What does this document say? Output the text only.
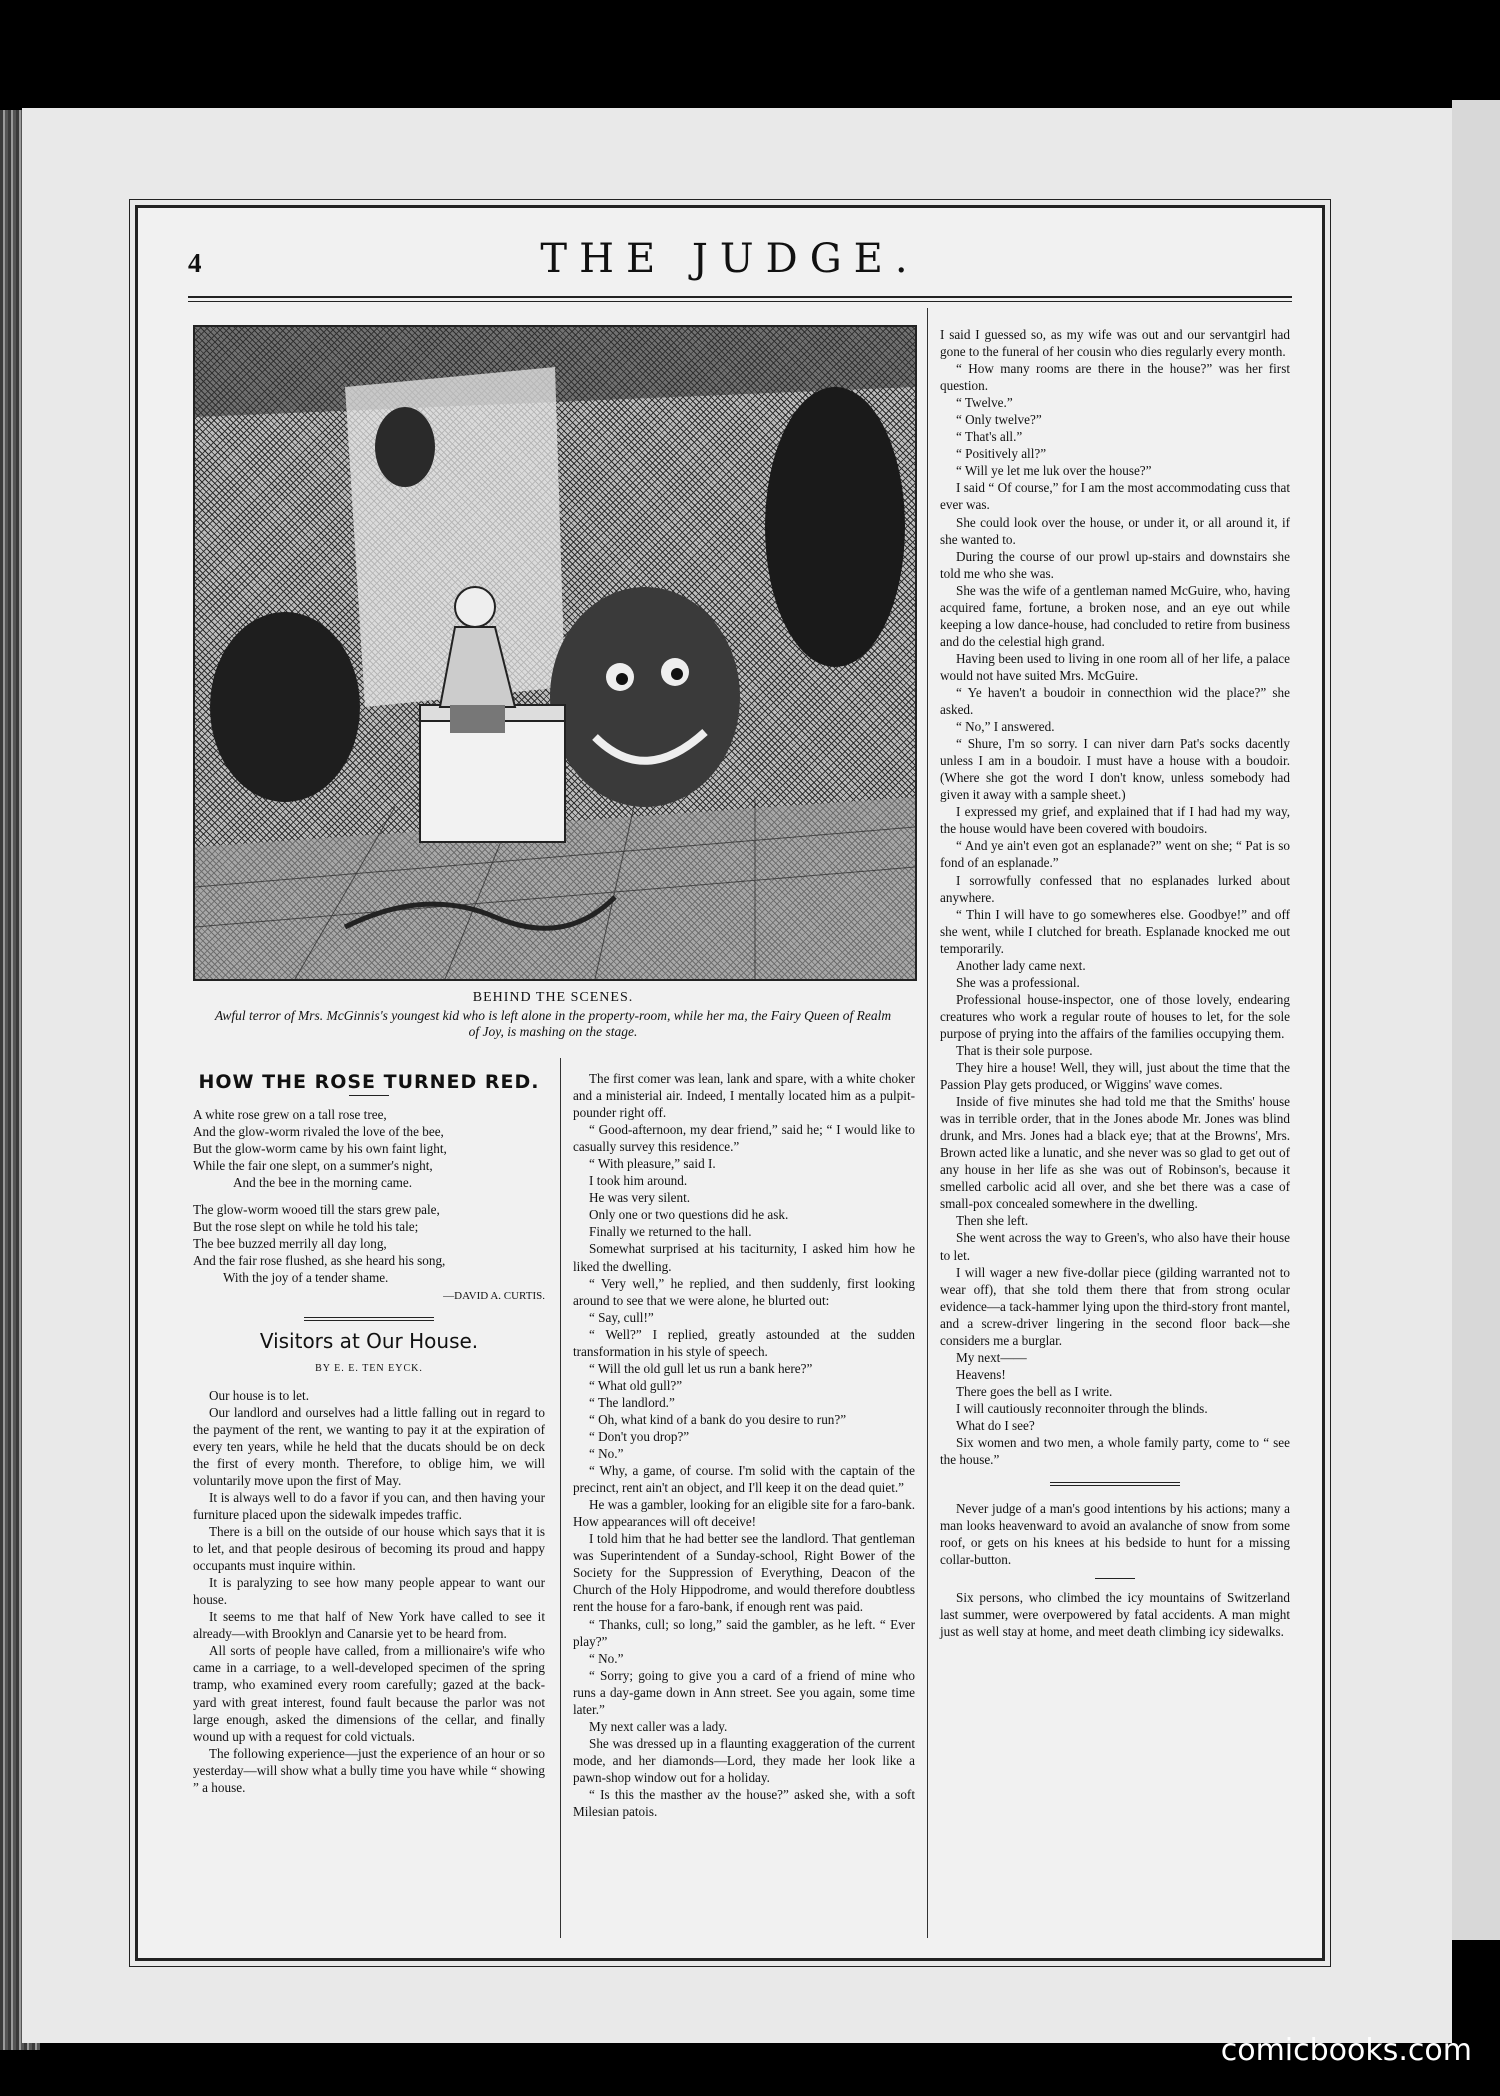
4	THE JUDGE.
BEHIND THE SCENES.
Awful terror of Mrs. McGinnis's youngest kid who is left alone in the property-room, while her ma, the Fairy Queen of Realm of Joy, is mashing on the stage.
HOW THE ROSE TURNED RED.

A white rose grew on a tall rose tree,

And the glow-worm rivaled the love of the bee,

But the glow-worm came by his own faint light,

While the fair one slept, on a summer's night,

And the bee in the morning came.

The glow-worm wooed till the stars grew pale,

But the rose slept on while he told his tale;

The bee buzzed merrily all day long,

And the fair rose flushed, as she heard his song,

With the joy of a tender shame.

—DAVID A. CURTIS.
Visitors at Our House.
BY E. E. TEN EYCK.

Our house is to let.

Our landlord and ourselves had a little falling out in regard to the payment of the rent, we wanting to pay it at the expiration of every ten years, while he held that the ducats should be on deck the first of every month. Therefore, to oblige him, we will voluntarily move upon the first of May.

It is always well to do a favor if you can, and then having your furniture placed upon the sidewalk impedes traffic.

There is a bill on the outside of our house which says that it is to let, and that people desirous of becoming its proud and happy occupants must inquire within.

It is paralyzing to see how many people appear to want our house.

It seems to me that half of New York have called to see it already—with Brooklyn and Canarsie yet to be heard from.

All sorts of people have called, from a millionaire's wife who came in a carriage, to a well-developed specimen of the spring tramp, who examined every room carefully; gazed at the back-yard with great interest, found fault because the parlor was not large enough, asked the dimensions of the cellar, and finally wound up with a request for cold victuals.

The following experience—just the experience of an hour or so yesterday—will show what a bully time you have while “ showing ” a house.

The first comer was lean, lank and spare, with a white choker and a ministerial air. Indeed, I mentally located him as a pulpit-pounder right off.

“ Good-afternoon, my dear friend,” said he; “ I would like to casually survey this residence.”

“ With pleasure,” said I.

I took him around.

He was very silent.

Only one or two questions did he ask.

Finally we returned to the hall.

Somewhat surprised at his taciturnity, I asked him how he liked the dwelling.

“ Very well,” he replied, and then suddenly, first looking around to see that we were alone, he blurted out:

“ Say, cull!”

“ Well?” I replied, greatly astounded at the sudden transformation in his style of speech.

“ Will the old gull let us run a bank here?”

“ What old gull?”

“ The landlord.”

“ Oh, what kind of a bank do you desire to run?”

“ Don't you drop?”

“ No.”

“ Why, a game, of course. I'm solid with the captain of the precinct, rent ain't an object, and I'll keep it on the dead quiet.”

He was a gambler, looking for an eligible site for a faro-bank. How appearances will oft deceive!

I told him that he had better see the landlord. That gentleman was Superintendent of a Sunday-school, Right Bower of the Society for the Suppression of Everything, Deacon of the Church of the Holy Hippodrome, and would therefore doubtless rent the house for a faro-bank, if enough rent was paid.

“ Thanks, cull; so long,” said the gambler, as he left. “ Ever play?”

“ No.”

“ Sorry; going to give you a card of a friend of mine who runs a day-game down in Ann street. See you again, some time later.”

My next caller was a lady.

She was dressed up in a flaunting exaggeration of the current mode, and her diamonds—Lord, they made her look like a pawn-shop window out for a holiday.

“ Is this the masther av the house?” asked she, with a soft Milesian patois.

I said I guessed so, as my wife was out and our servantgirl had gone to the funeral of her cousin who dies regularly every month.

“ How many rooms are there in the house?” was her first question.

“ Twelve.”

“ Only twelve?”

“ That's all.”

“ Positively all?”

“ Will ye let me luk over the house?”

I said “ Of course,” for I am the most accommodating cuss that ever was.

She could look over the house, or under it, or all around it, if she wanted to.

During the course of our prowl up-stairs and downstairs she told me who she was.

She was the wife of a gentleman named McGuire, who, having acquired fame, fortune, a broken nose, and an eye out while keeping a low dance-house, had concluded to retire from business and do the celestial high grand.

Having been used to living in one room all of her life, a palace would not have suited Mrs. McGuire.

“ Ye haven't a boudoir in connecthion wid the place?” she asked.

“ No,” I answered.

“ Shure, I'm so sorry. I can niver darn Pat's socks dacently unless I am in a boudoir. I must have a house with a boudoir. (Where she got the word I don't know, unless somebody had given it away with a sample sheet.)

I expressed my grief, and explained that if I had had my way, the house would have been covered with boudoirs.

“ And ye ain't even got an esplanade?” went on she; “ Pat is so fond of an esplanade.”

I sorrowfully confessed that no esplanades lurked about anywhere.

“ Thin I will have to go somewheres else. Goodbye!” and off she went, while I clutched for breath. Esplanade knocked me out temporarily.

Another lady came next.

She was a professional.

Professional house-inspector, one of those lovely, endearing creatures who work a regular route of houses to let, for the sole purpose of prying into the affairs of the families occupying them.

That is their sole purpose.

They hire a house! Well, they will, just about the time that the Passion Play gets produced, or Wiggins' wave comes.

Inside of five minutes she had told me that the Smiths' house was in terrible order, that in the Jones abode Mr. Jones was blind drunk, and Mrs. Jones had a black eye; that at the Browns', Mrs. Brown acted like a lunatic, and she never was so glad to get out of any house in her life as she was out of Robinson's, because it smelled carbolic acid all over, and she bet there was a case of small-pox concealed somewhere in the dwelling.

Then she left.

She went across the way to Green's, who also have their house to let.

I will wager a new five-dollar piece (gilding warranted not to wear off), that she told them there that from strong ocular evidence—a tack-hammer lying upon the third-story front mantel, and a screw-driver lingering in the second floor back—she considers me a burglar.

My next——

Heavens!

There goes the bell as I write.

I will cautiously reconnoiter through the blinds.

What do I see?

Six women and two men, a whole family party, come to “ see the house.”

Never judge of a man's good intentions by his actions; many a man looks heavenward to avoid an avalanche of snow from some roof, or gets on his knees at his bedside to hunt for a missing collar-button.

Six persons, who climbed the icy mountains of Switzerland last summer, were overpowered by fatal accidents. A man might just as well stay at home, and meet death climbing icy sidewalks.

comicbooks.com
